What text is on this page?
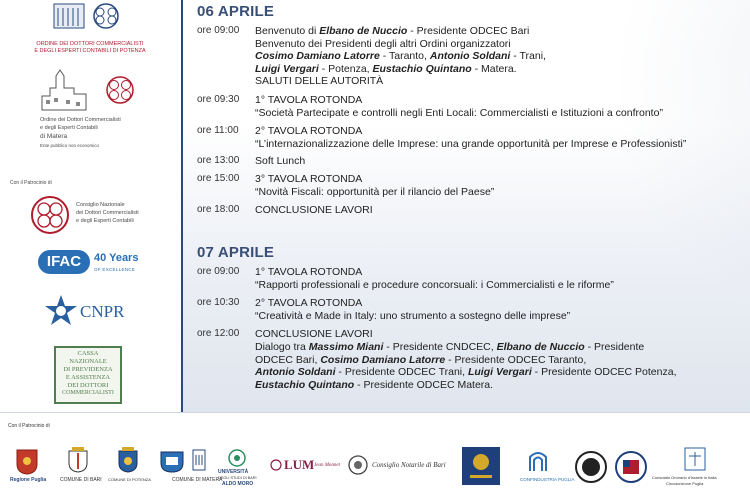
ORDINE DEI DOTTORI COMMERCIALISTI
E DEGLI ESPERTI CONTABILI DI POTENZA
Ordine dei Dottori Commercialisti
e degli Esperti Contabili
di Matera
Ente pubblico non economico
Con il Patrocinio di
Consiglio Nazionale
dei Dottori Commercialisti
e degli Esperti Contabili
IFAC	40 Years
OF EXCELLENCE
CNPR
CASSA
NAZIONALE
DI PREVIDENZA
E ASSISTENZA
DEI DOTTORI
COMMERCIALISTI
06 APRILE
ore 09:00	Benvenuto di Elbano de Nuccio - Presidente ODCEC Bari
Benvenuto dei Presidenti degli altri Ordini organizzatori
Cosimo Damiano Latorre - Taranto, Antonio Soldani - Trani,
Luigi Vergari - Potenza, Eustachio Quintano - Matera.
SALUTI DELLE AUTORITÀ
ore 09:30	1° TAVOLA ROTONDA
“Società Partecipate e controlli negli Enti Locali: Commercialisti e Istituzioni a confronto”
ore 11:00	2° TAVOLA ROTONDA
“L’internazionalizzazione delle Imprese: una grande opportunità per Imprese e Professionisti”
ore 13:00	Soft Lunch
ore 15:00	3° TAVOLA ROTONDA
“Novità Fiscali: opportunità per il rilancio del Paese”
ore 18:00	CONCLUSIONE LAVORI
07 APRILE
ore 09:00	1° TAVOLA ROTONDA
“Rapporti professionali e procedure concorsuali: i Commercialisti e le riforme”
ore 10:30	2° TAVOLA ROTONDA
“Creatività e Made in Italy: uno strumento a sostegno delle imprese”
ore 12:00	CONCLUSIONE LAVORI
Dialogo tra Massimo Miani - Presidente CNDCEC, Elbano de Nuccio - Presidente
ODCEC Bari, Cosimo Damiano Latorre - Presidente ODCEC Taranto,
Antonio Soldani - Presidente ODCEC Trani, Luigi Vergari - Presidente ODCEC Potenza,
Eustachio Quintano - Presidente ODCEC Matera.
Con il Patrocinio di
Regione Puglia	COMUNE DI BARI COMUNE DI POTENZA	COMUNE DI MATERA
UNIVERSITÀ
DEGLI STUDI DI BARI
ALDO MORO
LUM Jean Monnet	Consiglio Notarile di Bari
CONFINDUSTRIA PUGLIA	Consolato Onorario d'Israele in Italia
Circoscrizione Puglia
